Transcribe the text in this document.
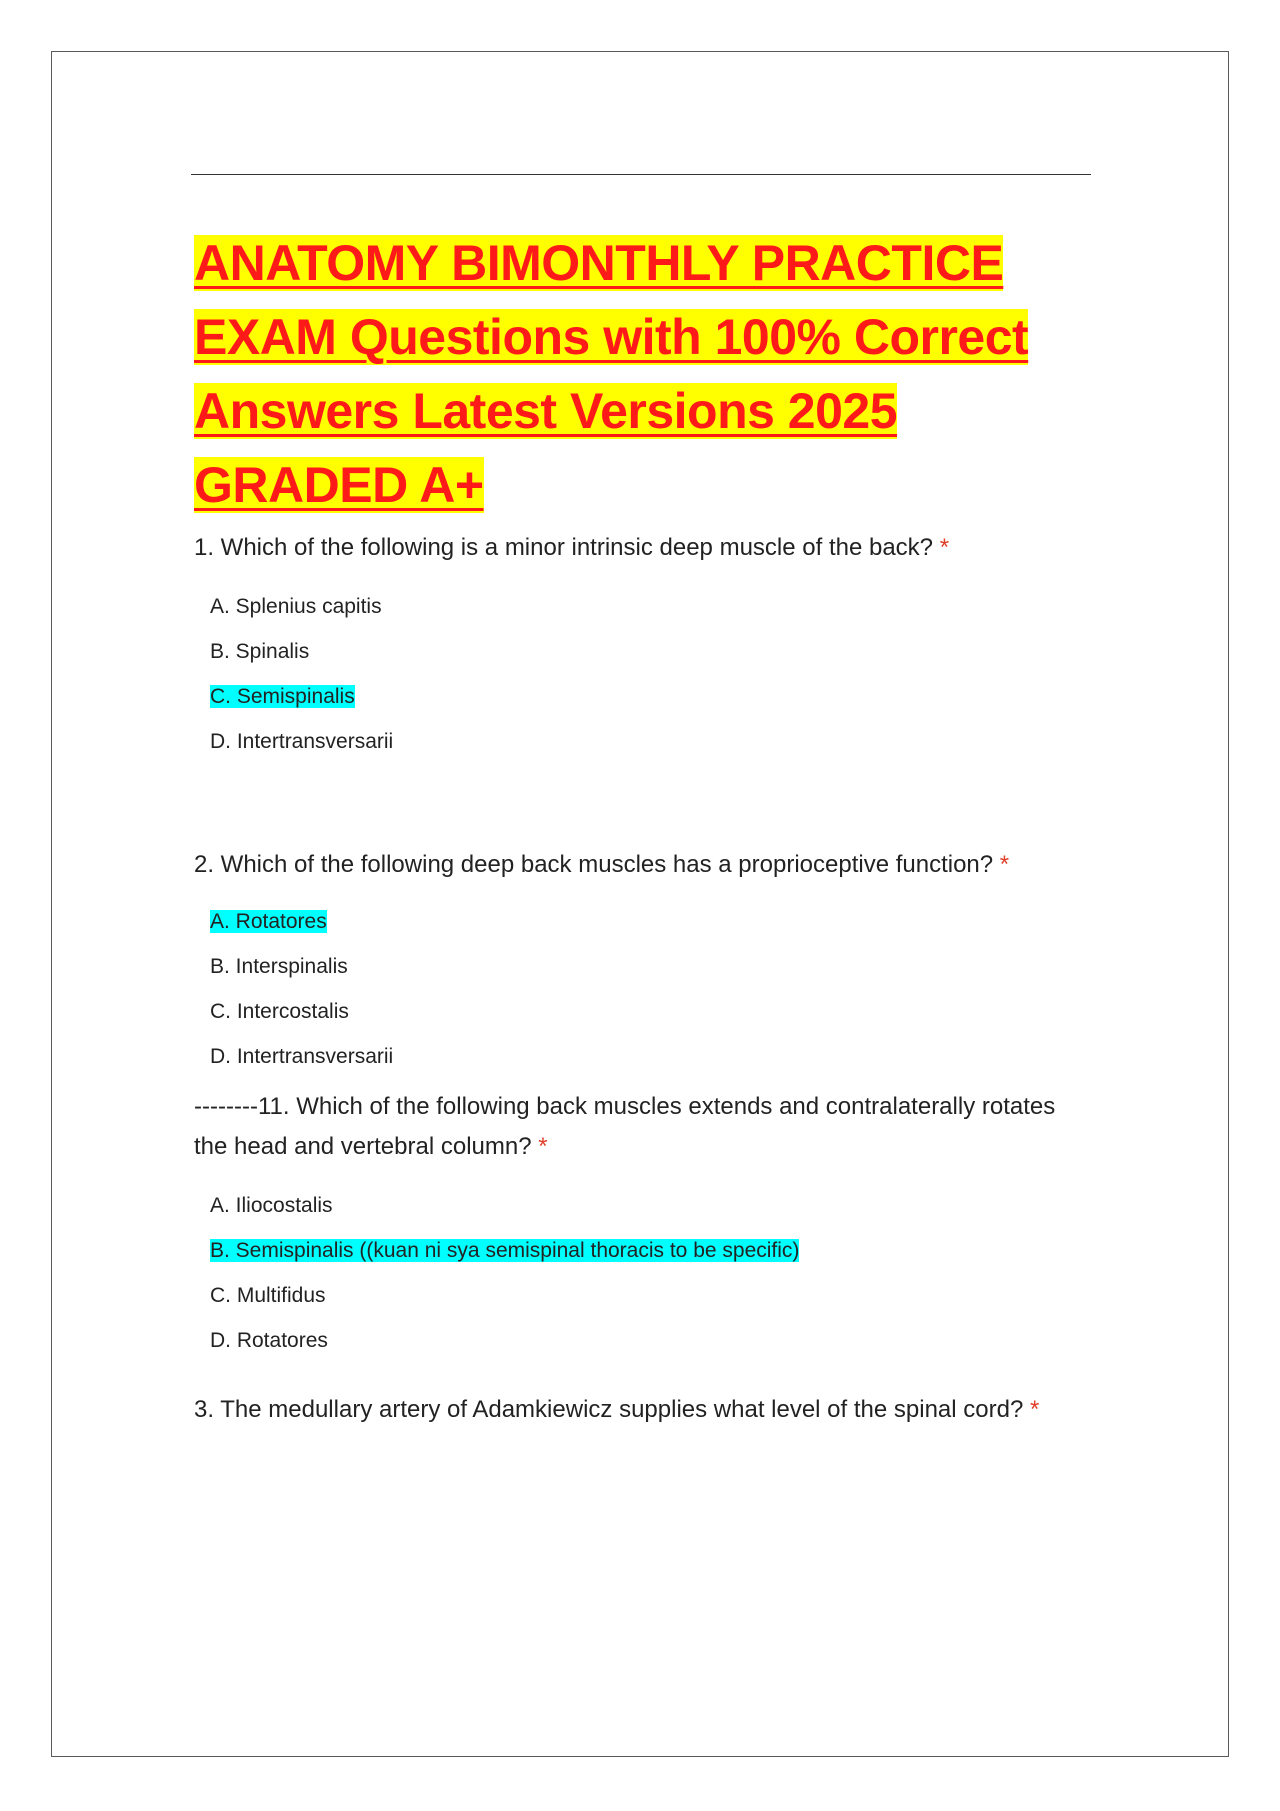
ANATOMY BIMONTHLY PRACTICE EXAM Questions with 100% Correct Answers Latest Versions 2025 GRADED A+

1. Which of the following is a minor intrinsic deep muscle of the back? *

A. Splenius capitis
B. Spinalis
C. Semispinalis
D. Intertransversarii

2. Which of the following deep back muscles has a proprioceptive function? *

A. Rotatores
B. Interspinalis
C. Intercostalis
D. Intertransversarii

--------11. Which of the following back muscles extends and contralaterally rotates the head and vertebral column? *

A. Iliocostalis
B. Semispinalis ((kuan ni sya semispinal thoracis to be specific)
C. Multifidus
D. Rotatores

3. The medullary artery of Adamkiewicz supplies what level of the spinal cord? *
